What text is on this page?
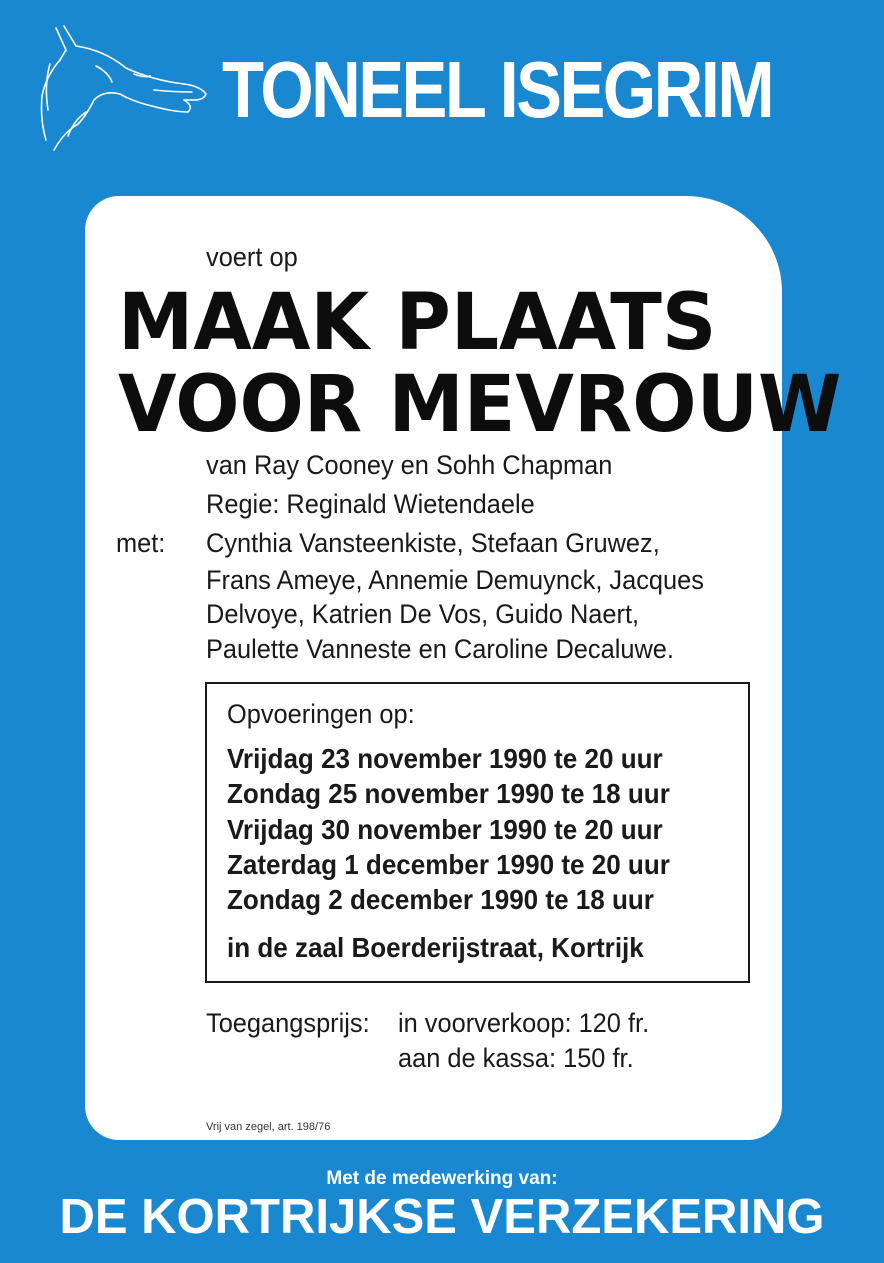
TONEEL ISEGRIM
voert op
MAAK PLAATS
VOOR MEVROUW
van Ray Cooney en Sohh Chapman
Regie: Reginald Wietendaele
met: Cynthia Vansteenkiste, Stefaan Gruwez,
Frans Ameye, Annemie Demuynck, Jacques
Delvoye, Katrien De Vos, Guido Naert,
Paulette Vanneste en Caroline Decaluwe.
Opvoeringen op:
Vrijdag 23 november 1990 te 20 uur
Zondag 25 november 1990 te 18 uur
Vrijdag 30 november 1990 te 20 uur
Zaterdag 1 december 1990 te 20 uur
Zondag 2 december 1990 te 18 uur
in de zaal Boerderijstraat, Kortrijk
Toegangsprijs: in voorverkoop: 120 fr.
aan de kassa: 150 fr.
Vrij van zegel, art. 198/76
Met de medewerking van:
DE KORTRIJKSE VERZEKERING
